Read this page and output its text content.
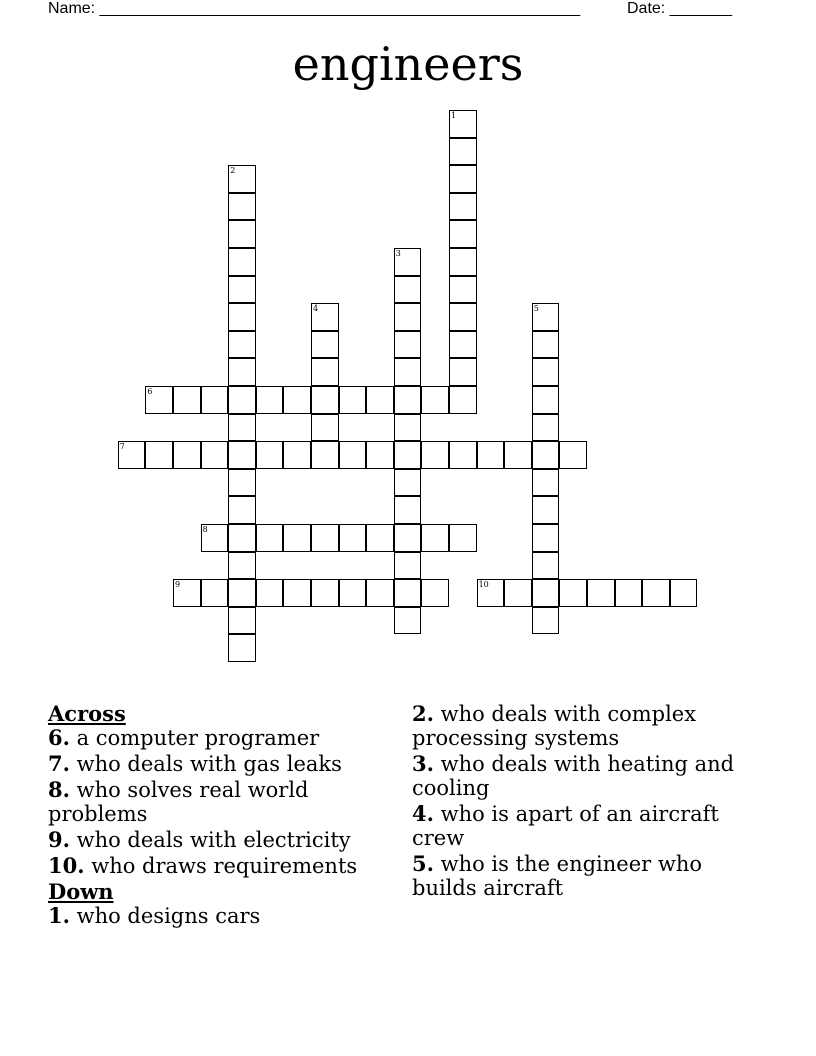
Name: ______________________________________________________	Date: _______
engineers
1
2
3
4	5
6
7
8
9	10
Across
6. a computer programer
7. who deals with gas leaks
8. who solves real world problems
9. who deals with electricity
10. who draws requirements
Down
1. who designs cars
2. who deals with complex processing systems
3. who deals with heating and cooling
4. who is apart of an aircraft crew
5. who is the engineer who builds aircraft
